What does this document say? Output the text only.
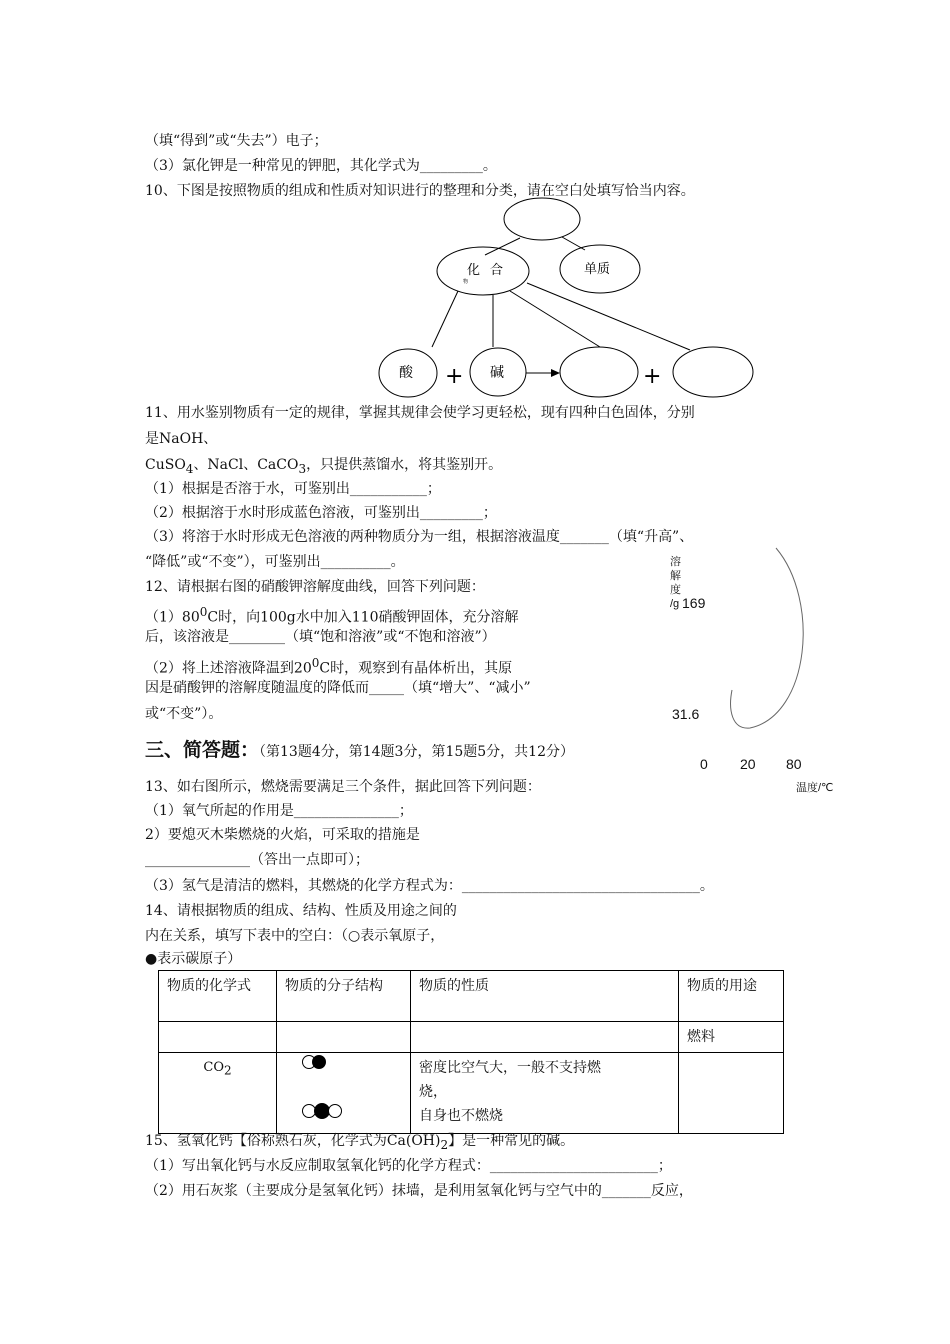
（填“得到”或“失去”）电子；
（3）氯化钾是一种常见的钾肥，其化学式为_________。
10、下图是按照物质的组成和性质对知识进行的整理和分类，请在空白处填写恰当内容。
化 合
物
单质
酸 + 碱	+
11、用水鉴别物质有一定的规律，掌握其规律会使学习更轻松，现有四种白色固体，分别
是NaOH、
CuSO$_4$、NaCl、CaCO$_3$，只提供蒸馏水，将其鉴别开。
（1）根据是否溶于水，可鉴别出___________；
（2）根据溶于水时形成蓝色溶液，可鉴别出_________；
（3）将溶于水时形成无色溶液的两种物质分为一组，根据溶液温度_______（填“升高”、
“降低”或“不变”），可鉴别出__________。
12、请根据右图的硝酸钾溶解度曲线，回答下列问题：
$(1)80^0C$时，向100g水中加入110硝酸钾固体，充分溶解
后，该溶液是________（填“饱和溶液”或“不饱和溶液”）
（2）将上述溶液降温到$20^0C$时，观察到有晶体析出，其原
因是硝酸钾的溶解度随温度的降低而_____（填“增大”、“减小”
或“不变”）。
溶
解
度
/g 169
31.6
0 20 80
温度/℃
三、简答题：（第13题4分，第14题3分，第15题5分，共12分）
13、如右图所示，燃烧需要满足三个条件，据此回答下列问题：
（1）氧气所起的作用是_______________；
2）要熄灭木柴燃烧的火焰，可采取的措施是
_______________（答出一点即可）；
（3）氢气是清洁的燃料，其燃烧的化学方程式为：__________________________________。
14、请根据物质的组成、结构、性质及用途之间的
内在关系，填写下表中的空白：（○表示氧原子，
●表示碳原子）
物质的化学式	物质的分子结构	物质的性质	物质的用途
			燃料
$CO_2$		密度比空气大，一般不支持燃
烧，
自身也不燃烧	

15、氢氧化钙【俗称熟石灰，化学式为$Ca(OH)_2$】是一种常见的碱。
（1）写出氧化钙与水反应制取氢氧化钙的化学方程式：________________________；
（2）用石灰浆（主要成分是氢氧化钙）抹墙，是利用氢氧化钙与空气中的_______反应，
